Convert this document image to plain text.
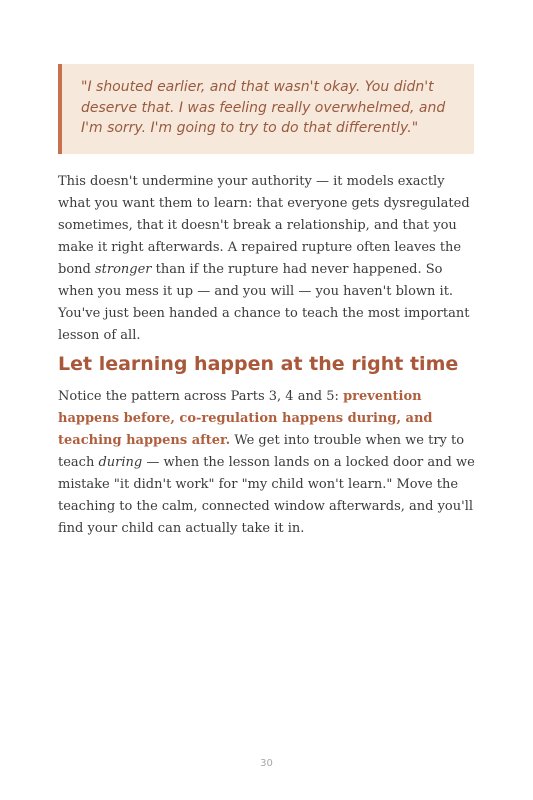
"I shouted earlier, and that wasn't okay. You didn't deserve that. I was feeling really overwhelmed, and I'm sorry. I'm going to try to do that differently."

This doesn't undermine your authority — it models exactly what you want them to learn: that everyone gets dysregulated sometimes, that it doesn't break a relationship, and that you make it right afterwards. A repaired rupture often leaves the bond stronger than if the rupture had never happened. So when you mess it up — and you will — you haven't blown it. You've just been handed a chance to teach the most important lesson of all.

Let learning happen at the right time

Notice the pattern across Parts 3, 4 and 5: prevention happens before, co-regulation happens during, and teaching happens after. We get into trouble when we try to teach during — when the lesson lands on a locked door and we mistake "it didn't work" for "my child won't learn." Move the teaching to the calm, connected window afterwards, and you'll find your child can actually take it in.

30
